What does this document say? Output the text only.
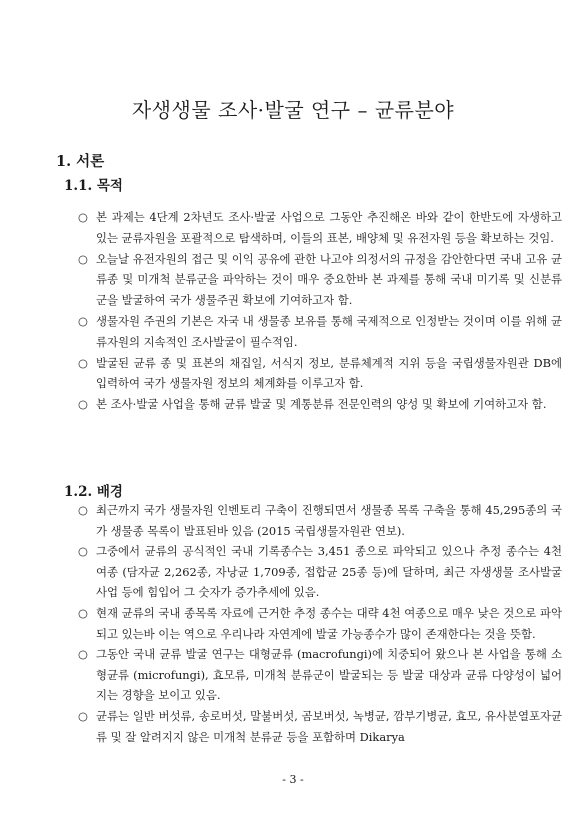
자생생물 조사·발굴 연구 – 균류분야
1. 서론
1.1. 목적
○ 본 과제는 4단계 2차년도 조사·발굴 사업으로 그동안 추진해온 바와 같이 한반도에 자생하고 있는 균류자원을 포괄적으로 탐색하며, 이들의 표본, 배양체 및 유전자원 등을 확보하는 것임.
○ 오늘날 유전자원의 접근 및 이익 공유에 관한 나고야 의정서의 규정을 감안한다면 국내 고유 균류종 및 미개척 분류군을 파악하는 것이 매우 중요한바 본 과제를 통해 국내 미기록 및 신분류군을 발굴하여 국가 생물주권 확보에 기여하고자 함.
○ 생물자원 주권의 기본은 자국 내 생물종 보유를 통해 국제적으로 인정받는 것이며 이를 위해 균류자원의 지속적인 조사발굴이 필수적임.
○ 발굴된 균류 종 및 표본의 채집일, 서식지 정보, 분류체계적 지위 등을 국립생물자원관 DB에 입력하여 국가 생물자원 정보의 체계화를 이루고자 함.
○ 본 조사·발굴 사업을 통해 균류 발굴 및 계통분류 전문인력의 양성 및 확보에 기여하고자 함.
1.2. 배경
○ 최근까지 국가 생물자원 인벤토리 구축이 진행되면서 생물종 목록 구축을 통해 45,295종의 국가 생물종 목록이 발표된바 있음 (2015 국립생물자원관 연보).
○ 그중에서 균류의 공식적인 국내 기록종수는 3,451 종으로 파악되고 있으나 추정 종수는 4천 여종 (담자균 2,262종, 자낭균 1,709종, 접합균 25종 등)에 달하며, 최근 자생생물 조사발굴 사업 등에 힘입어 그 숫자가 증가추세에 있음.
○ 현재 균류의 국내 종목록 자료에 근거한 추정 종수는 대략 4천 여종으로 매우 낮은 것으로 파악되고 있는바 이는 역으로 우리나라 자연계에 발굴 가능종수가 많이 존재한다는 것을 뜻함.
○ 그동안 국내 균류 발굴 연구는 대형균류 (macrofungi)에 치중되어 왔으나 본 사업을 통해 소형균류 (microfungi), 효모류, 미개척 분류군이 발굴되는 등 발굴 대상과 균류 다양성이 넓어지는 경향을 보이고 있음.
○ 균류는 일반 버섯류, 송로버섯, 말불버섯, 곰보버섯, 녹병균, 깜부기병균, 효모, 유사분열포자균류 및 잘 알려지지 않은 미개척 분류균 등을 포함하며 Dikarya
- 3 -
